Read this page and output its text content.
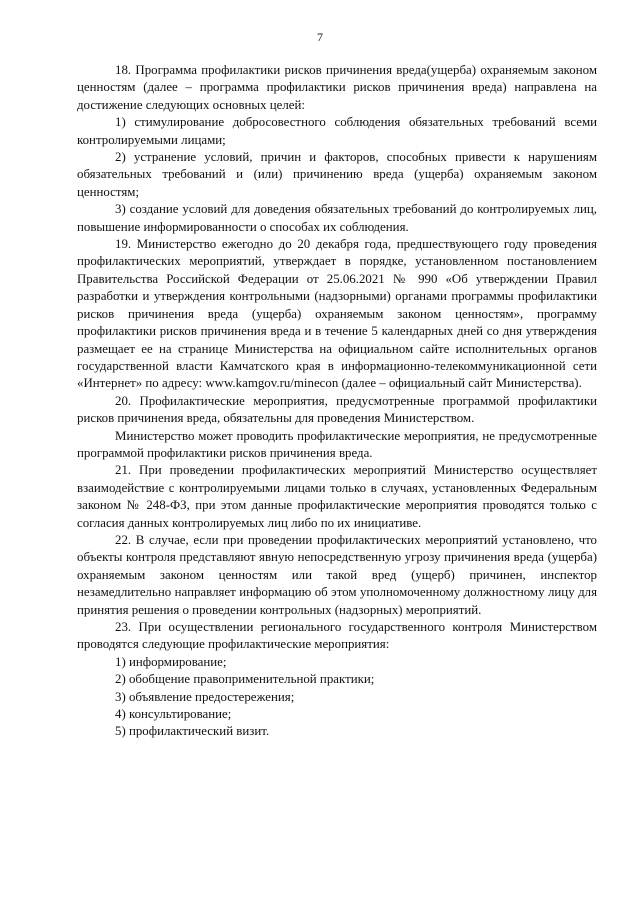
7

18. Программа профилактики рисков причинения вреда(ущерба) охраняемым законом ценностям (далее – программа профилактики рисков причинения вреда) направлена на достижение следующих основных целей:

1) стимулирование добросовестного соблюдения обязательных требований всеми контролируемыми лицами;

2) устранение условий, причин и факторов, способных привести к нарушениям обязательных требований и (или) причинению вреда (ущерба) охраняемым законом ценностям;

3) создание условий для доведения обязательных требований до контролируемых лиц, повышение информированности о способах их соблюдения.

19. Министерство ежегодно до 20 декабря года, предшествующего году проведения профилактических мероприятий, утверждает в порядке, установленном постановлением Правительства Российской Федерации от 25.06.2021 № 990 «Об утверждении Правил разработки и утверждения контрольными (надзорными) органами программы профилактики рисков причинения вреда (ущерба) охраняемым законом ценностям», программу профилактики рисков причинения вреда и в течение 5 календарных дней со дня утверждения размещает ее на странице Министерства на официальном сайте исполнительных органов государственной власти Камчатского края в информационно-телекоммуникационной сети «Интернет» по адресу: www.kamgov.ru/minecon (далее – официальный сайт Министерства).

20. Профилактические мероприятия, предусмотренные программой профилактики рисков причинения вреда, обязательны для проведения Министерством.

Министерство может проводить профилактические мероприятия, не предусмотренные программой профилактики рисков причинения вреда.

21. При проведении профилактических мероприятий Министерство осуществляет взаимодействие с контролируемыми лицами только в случаях, установленных Федеральным законом № 248-ФЗ, при этом данные профилактические мероприятия проводятся только с согласия данных контролируемых лиц либо по их инициативе.

22. В случае, если при проведении профилактических мероприятий установлено, что объекты контроля представляют явную непосредственную угрозу причинения вреда (ущерба) охраняемым законом ценностям или такой вред (ущерб) причинен, инспектор незамедлительно направляет информацию об этом уполномоченному должностному лицу для принятия решения о проведении контрольных (надзорных) мероприятий.

23. При осуществлении регионального государственного контроля Министерством проводятся следующие профилактические мероприятия:

1) информирование;

2) обобщение правоприменительной практики;

3) объявление предостережения;

4) консультирование;

5) профилактический визит.
